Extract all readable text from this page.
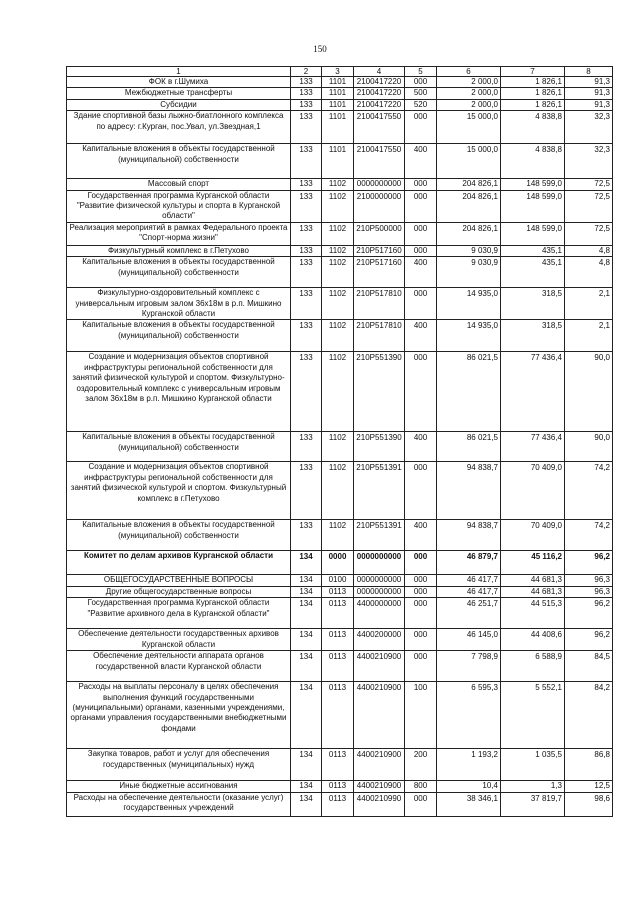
150
1	2	3	4	5	6	7	8
ФОК в г.Шумиха	133	1101	2100417220	000	2 000,0	1 826,1	91,3
Межбюджетные трансферты	133	1101	2100417220	500	2 000,0	1 826,1	91,3
Субсидии	133	1101	2100417220	520	2 000,0	1 826,1	91,3
Здание спортивной базы лыжно-биатлонного комплекса по адресу: г.Курган, пос.Увал, ул.Звездная,1	133	1101	2100417550	000	15 000,0	4 838,8	32,3
Капитальные вложения в объекты государственной (муниципальной) собственности	133	1101	2100417550	400	15 000,0	4 838,8	32,3
Массовый спорт	133	1102	0000000000	000	204 826,1	148 599,0	72,5
Государственная программа Курганской области "Развитие физической культуры и спорта в Курганской области"	133	1102	2100000000	000	204 826,1	148 599,0	72,5
Реализация мероприятий в рамках Федерального проекта "Спорт-норма жизни"	133	1102	210P500000	000	204 826,1	148 599,0	72,5
Физкультурный комплекс в г.Петухово	133	1102	210P517160	000	9 030,9	435,1	4,8
Капитальные вложения в объекты государственной (муниципальной) собственности	133	1102	210P517160	400	9 030,9	435,1	4,8
Физкультурно-оздоровительный комплекс с универсальным игровым залом 36х18м в р.п. Мишкино Курганской области	133	1102	210P517810	000	14 935,0	318,5	2,1
Капитальные вложения в объекты государственной (муниципальной) собственности	133	1102	210P517810	400	14 935,0	318,5	2,1
Создание и модернизация объектов спортивной инфраструктуры региональной собственности для занятий физической культурой и спортом. Физкультурно-оздоровительный комплекс с универсальным игровым залом 36х18м в р.п. Мишкино Курганской области	133	1102	210P551390	000	86 021,5	77 436,4	90,0
Капитальные вложения в объекты государственной (муниципальной) собственности	133	1102	210P551390	400	86 021,5	77 436,4	90,0
Создание и модернизация объектов спортивной инфраструктуры региональной собственности для занятий физической культурой и спортом. Физкультурный комплекс в г.Петухово	133	1102	210P551391	000	94 838,7	70 409,0	74,2
Капитальные вложения в объекты государственной (муниципальной) собственности	133	1102	210P551391	400	94 838,7	70 409,0	74,2
Комитет по делам архивов Курганской области	134	0000	0000000000	000	46 879,7	45 116,2	96,2
ОБЩЕГОСУДАРСТВЕННЫЕ ВОПРОСЫ	134	0100	0000000000	000	46 417,7	44 681,3	96,3
Другие общегосударственные вопросы	134	0113	0000000000	000	46 417,7	44 681,3	96,3
Государственная программа Курганской области "Развитие архивного дела в Курганской области"	134	0113	4400000000	000	46 251,7	44 515,3	96,2
Обеспечение деятельности государственных архивов Курганской области	134	0113	4400200000	000	46 145,0	44 408,6	96,2
Обеспечение деятельности аппарата органов государственной власти Курганской области	134	0113	4400210900	000	7 798,9	6 588,9	84,5
Расходы на выплаты персоналу в целях обеспечения выполнения функций государственными (муниципальными) органами, казенными учреждениями, органами управления государственными внебюджетными фондами	134	0113	4400210900	100	6 595,3	5 552,1	84,2
Закупка товаров, работ и услуг для обеспечения государственных (муниципальных) нужд	134	0113	4400210900	200	1 193,2	1 035,5	86,8
Иные бюджетные ассигнования	134	0113	4400210900	800	10,4	1,3	12,5
Расходы на обеспечение деятельности (оказание услуг) государственных учреждений	134	0113	4400210990	000	38 346,1	37 819,7	98,6
